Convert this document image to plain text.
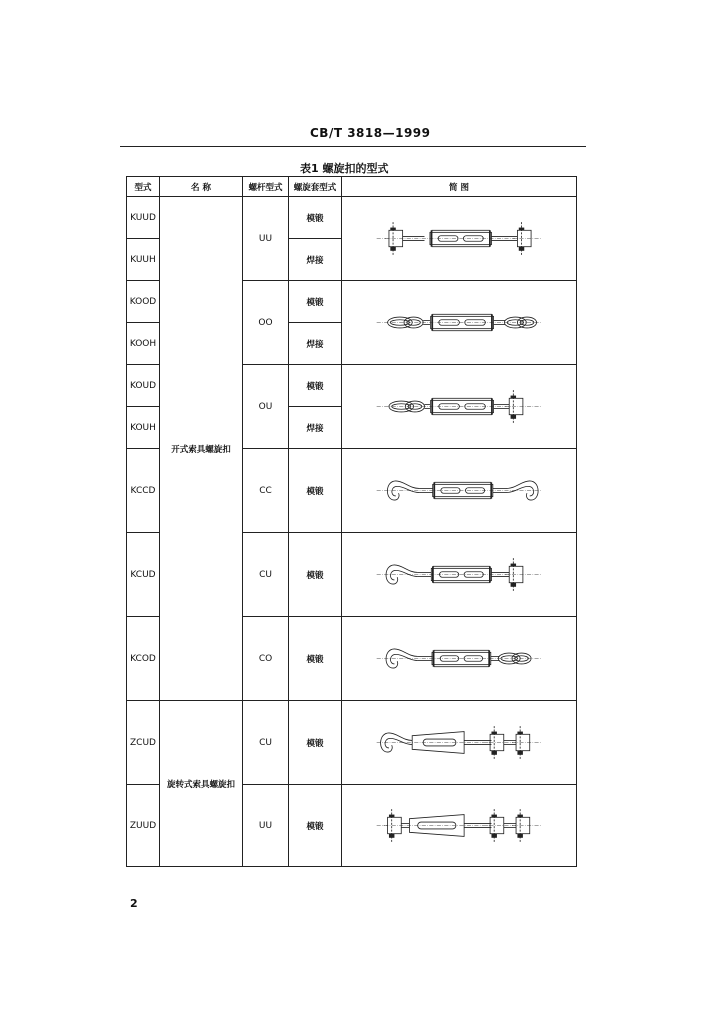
CB/T 3818—1999
表1 螺旋扣的型式
型式	名 称	螺杆型式	螺旋套型式	简 图
KUUD	开式索具螺旋扣	UU	模锻	

KUUH			焊接	
KOOD		OO	模锻	

KOOH			焊接	
KOUD		OU	模锻	

KOUH			焊接	
KCCD		CC	模锻	

KCUD		CU	模锻	

KCOD		CO	模锻	

ZCUD	旋转式索具螺旋扣	CU	模锻	

ZUUD		UU	模锻	
2
